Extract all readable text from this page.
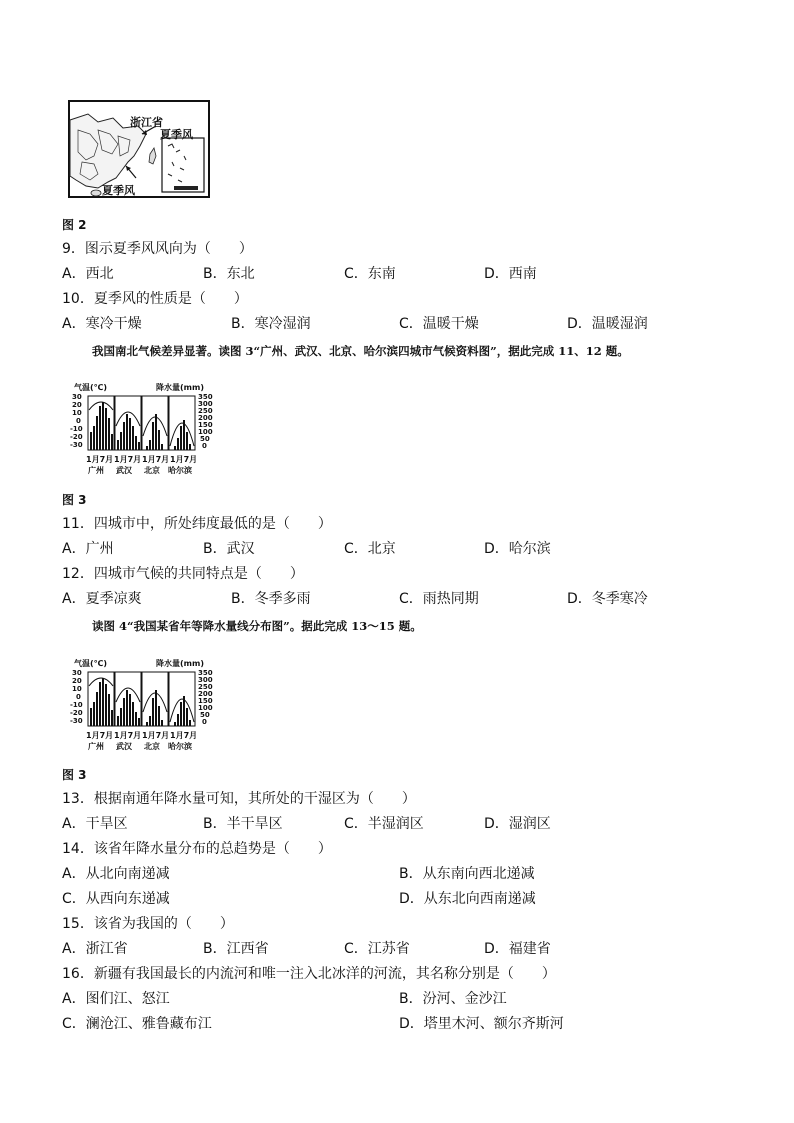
浙江省
夏季风
夏季风
图 2
9．图示夏季风风向为（　　）
A．西北	B．东北	C．东南	D．西南
10．夏季风的性质是（　　）
A．寒冷干燥	B．寒冷湿润	C．温暖干燥	D．温暖湿润
我国南北气候差异显著。读图 3“广州、武汉、北京、哈尔滨四城市气候资料图”，据此完成 11、12 题。
气温(℃)	降水量(mm)
30
20
10
0
-10
-20
-30
350
300
250
200
150
100
50
0
1月7月 1月7月 1月7月 1月7月
广州 武汉 北京 哈尔滨
图 3
11．四城市中，所处纬度最低的是（　　）
A．广州	B．武汉	C．北京	D．哈尔滨
12．四城市气候的共同特点是（　　）
A．夏季凉爽	B．冬季多雨	C．雨热同期	D．冬季寒冷
读图 4“我国某省年等降水量线分布图”。据此完成 13～15 题。
气温(℃)	降水量(mm)
30
20
10
0
-10
-20
-30
350
300
250
200
150
100
50
0
1月7月 1月7月 1月7月 1月7月
广州 武汉 北京 哈尔滨
图 3
13．根据南通年降水量可知，其所处的干湿区为（　　）
A．干旱区	B．半干旱区	C．半湿润区	D．湿润区
14．该省年降水量分布的总趋势是（　　）
A．从北向南递减	B．从东南向西北递减
C．从西向东递减	D．从东北向西南递减
15．该省为我国的（　　）
A．浙江省	B．江西省	C．江苏省	D．福建省
16．新疆有我国最长的内流河和唯一注入北冰洋的河流，其名称分别是（　　）
A．图们江、怒江	B．汾河、金沙江
C．澜沧江、雅鲁藏布江	D．塔里木河、额尔齐斯河
